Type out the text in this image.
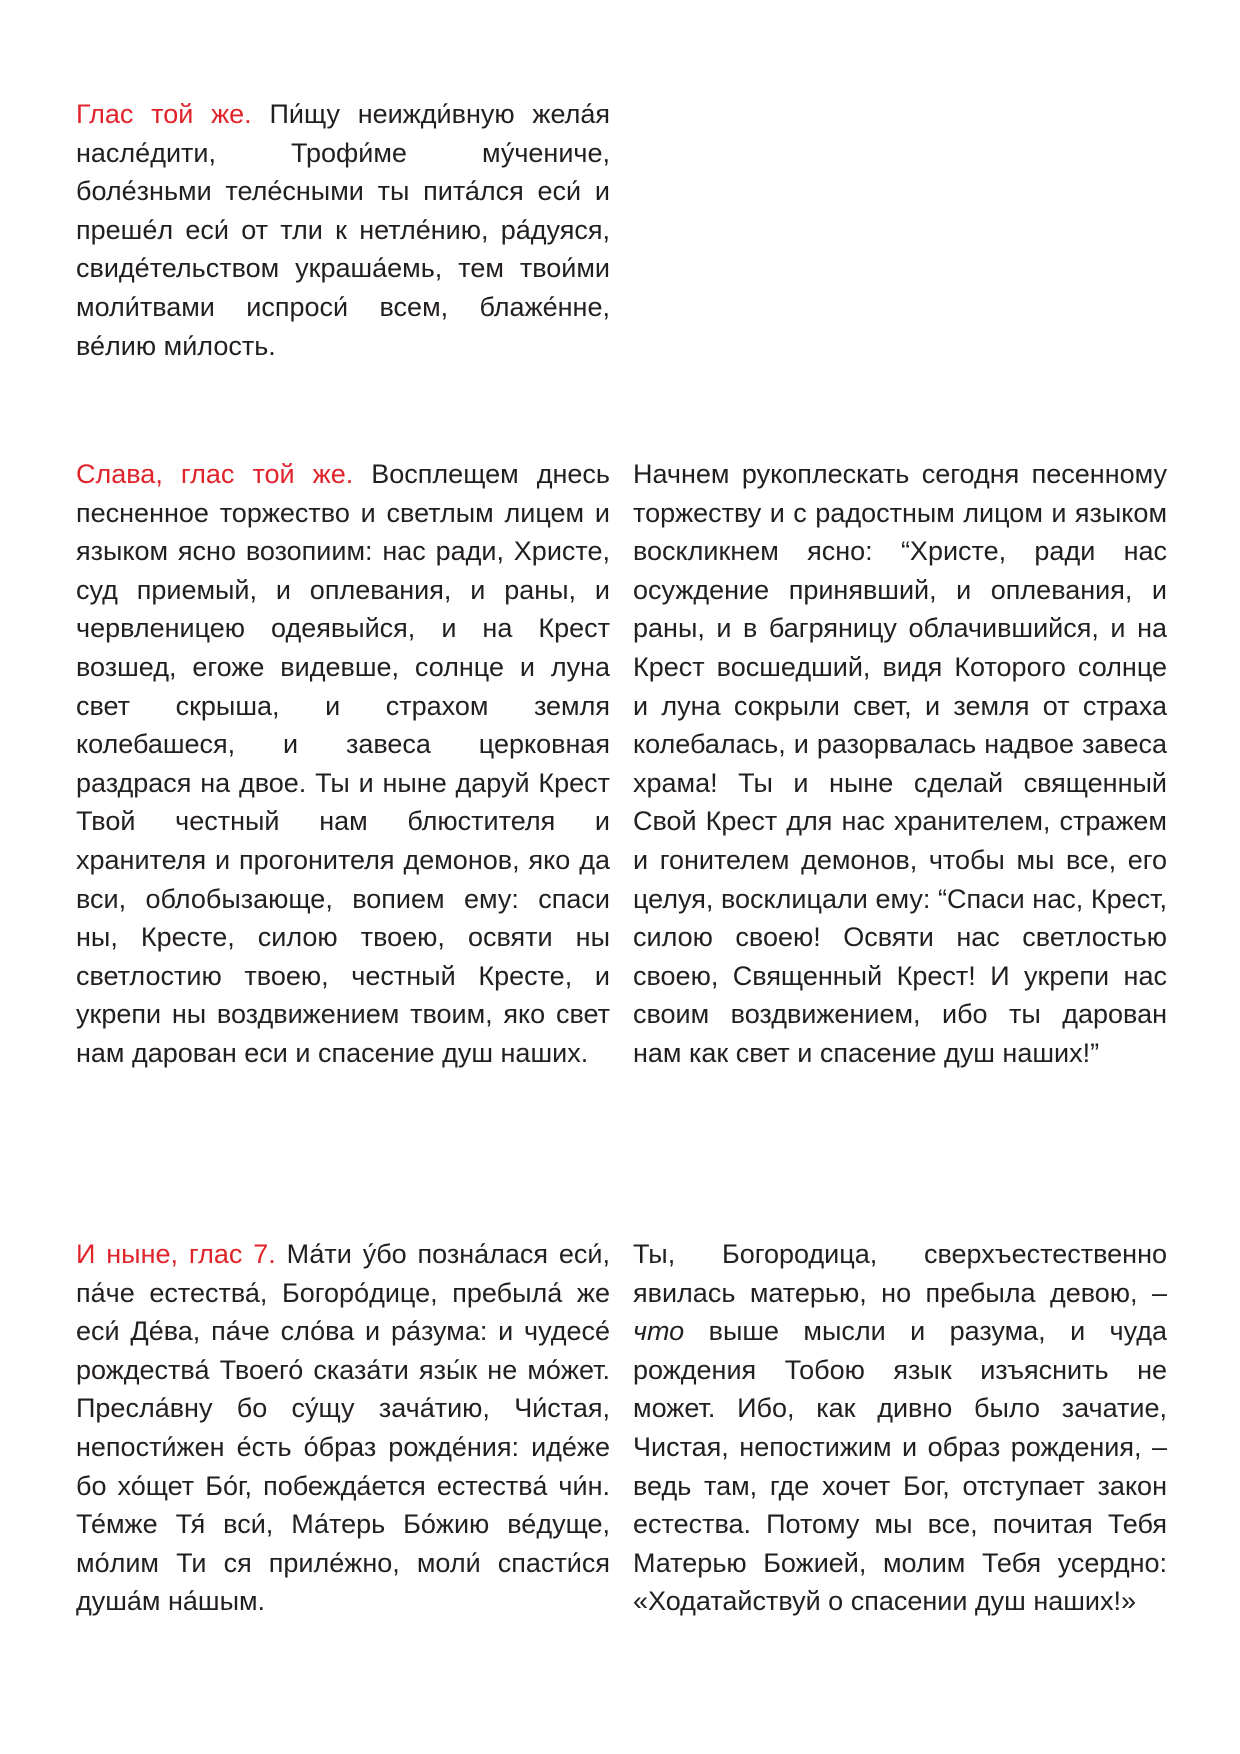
Глас той же. Пи́щу неижди́вную жела́я насле́дити, Трофи́ме му́чениче, боле́зньми теле́сными ты пита́лся еси́ и преше́л еси́ от тли к нетле́нию, ра́дуяся, свиде́тельством украша́емь, тем твои́ми моли́твами испроси́ всем, блаже́нне, ве́лию ми́лость.

Слава, глас той же. Восплещем днесь песненное торжество и светлым лицем и языком ясно возопиим: нас ради, Христе, суд приемый, и оплевания, и раны, и червленицею одеявыйся, и на Крест возшед, егоже видевше, солнце и луна свет скрыша, и страхом земля колебашеся, и завеса церковная раздрася на двое. Ты и ныне даруй Крест Твой честный нам блюстителя и хранителя и прогонителя демонов, яко да вси, облобызающе, вопием ему: спаси ны, Кресте, силою твоею, освяти ны светлостию твоею, честный Кресте, и укрепи ны воздвижением твоим, яко свет нам дарован еси и спасение душ наших.

Начнем рукоплескать сегодня песенному торжеству и с радостным лицом и языком воскликнем ясно: “Христе, ради нас осуждение принявший, и оплевания, и раны, и в багряницу облачившийся, и на Крест восшедший, видя Которого солнце и луна сокрыли свет, и земля от страха колебалась, и разорвалась надвое завеса храма! Ты и ныне сделай священный Свой Крест для нас хранителем, стражем и гонителем демонов, чтобы мы все, его целуя, восклицали ему: “Спаси нас, Крест, силою своею! Освяти нас светлостью своею, Священный Крест! И укрепи нас своим воздвижением, ибо ты дарован нам как свет и спасение душ наших!”

И ныне, глас 7. Ма́ти у́бо позна́лася еси́, па́че естества́, Богоро́дице, пребыла́ же еси́ Де́ва, па́че сло́ва и ра́зума: и чудесе́ рождества́ Твоего́ сказа́ти язы́к не мо́жет. Пресла́вну бо су́щу зача́тию, Чи́стая, непости́жен е́сть о́браз рожде́ния: иде́же бо хо́щет Бо́г, побежда́ется естества́ чи́н. Те́мже Тя́ вси́, Ма́терь Бо́жию ве́дуще, мо́лим Ти ся приле́жно, моли́ спасти́ся душа́м на́шым.

Ты, Богородица, сверхъестественно явилась матерью, но пребыла девою, – что выше мысли и разума, и чуда рождения Тобою язык изъяснить не может. Ибо, как дивно было зачатие, Чистая, непостижим и образ рождения, – ведь там, где хочет Бог, отступает закон естества. Потому мы все, почитая Тебя Матерью Божией, молим Тебя усердно: «Ходатайствуй о спасении душ наших!»
